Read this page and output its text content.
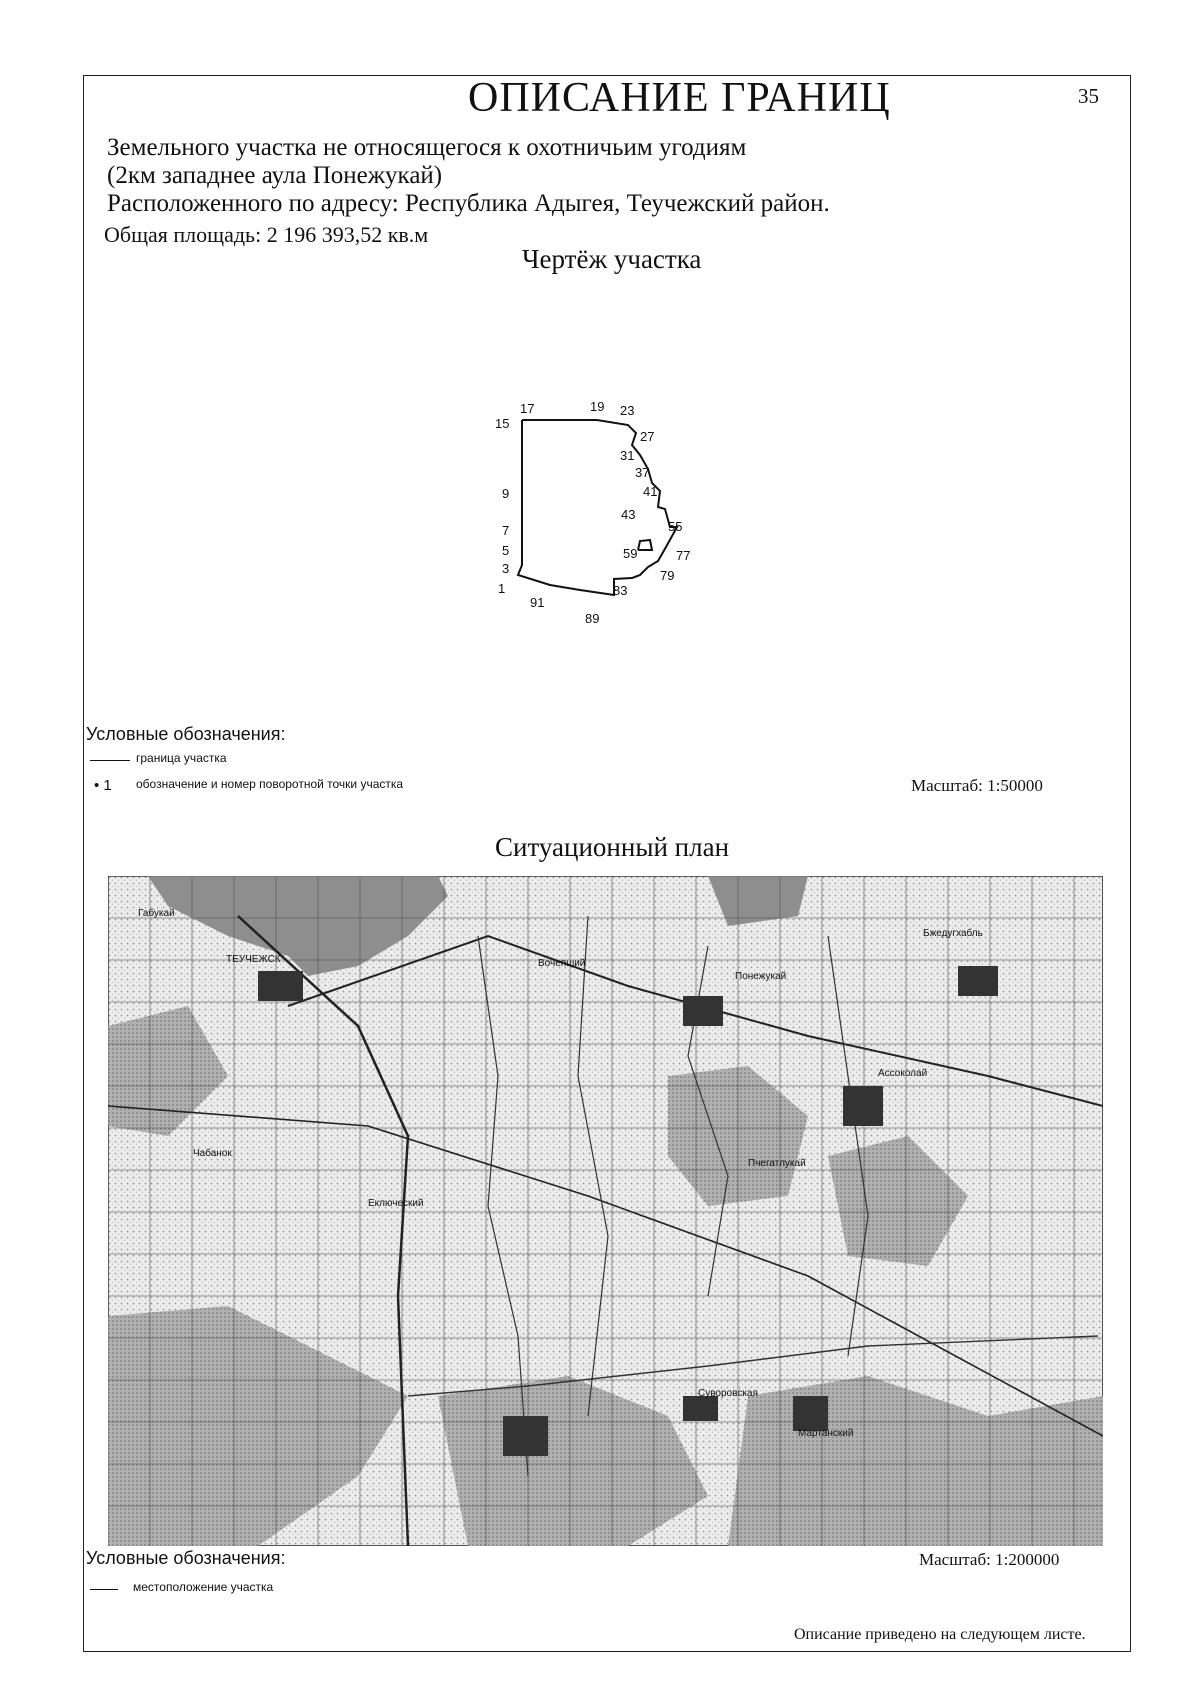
ОПИСАНИЕ ГРАНИЦ	35
Земельного участка не относящегося к охотничьим угодиям
(2км западнее аула Понежукай)
Расположенного по адресу: Республика Адыгея, Теучежский район.
Общая площадь: 2 196 393,52 кв.м
Чертёж участка
1
3
5
7
9
15
17	19 23
27
31
37
41
43
55
59	77
79
83
89
91
Условные обозначения:
граница участка
• 1 обозначение и номер поворотной точки участка	Масштаб: 1:50000
Ситуационный план
ТЕУЧЕЖСК
Понежукай
Ассоколай
Габукай
Пчегатлукай
Бжедугхабль
Суворовская
Еключеский
Чабанок
Вочепший
Мартанский
Условные обозначения:
местоположение участка
Масштаб: 1:200000
Описание приведено на следующем листе.
